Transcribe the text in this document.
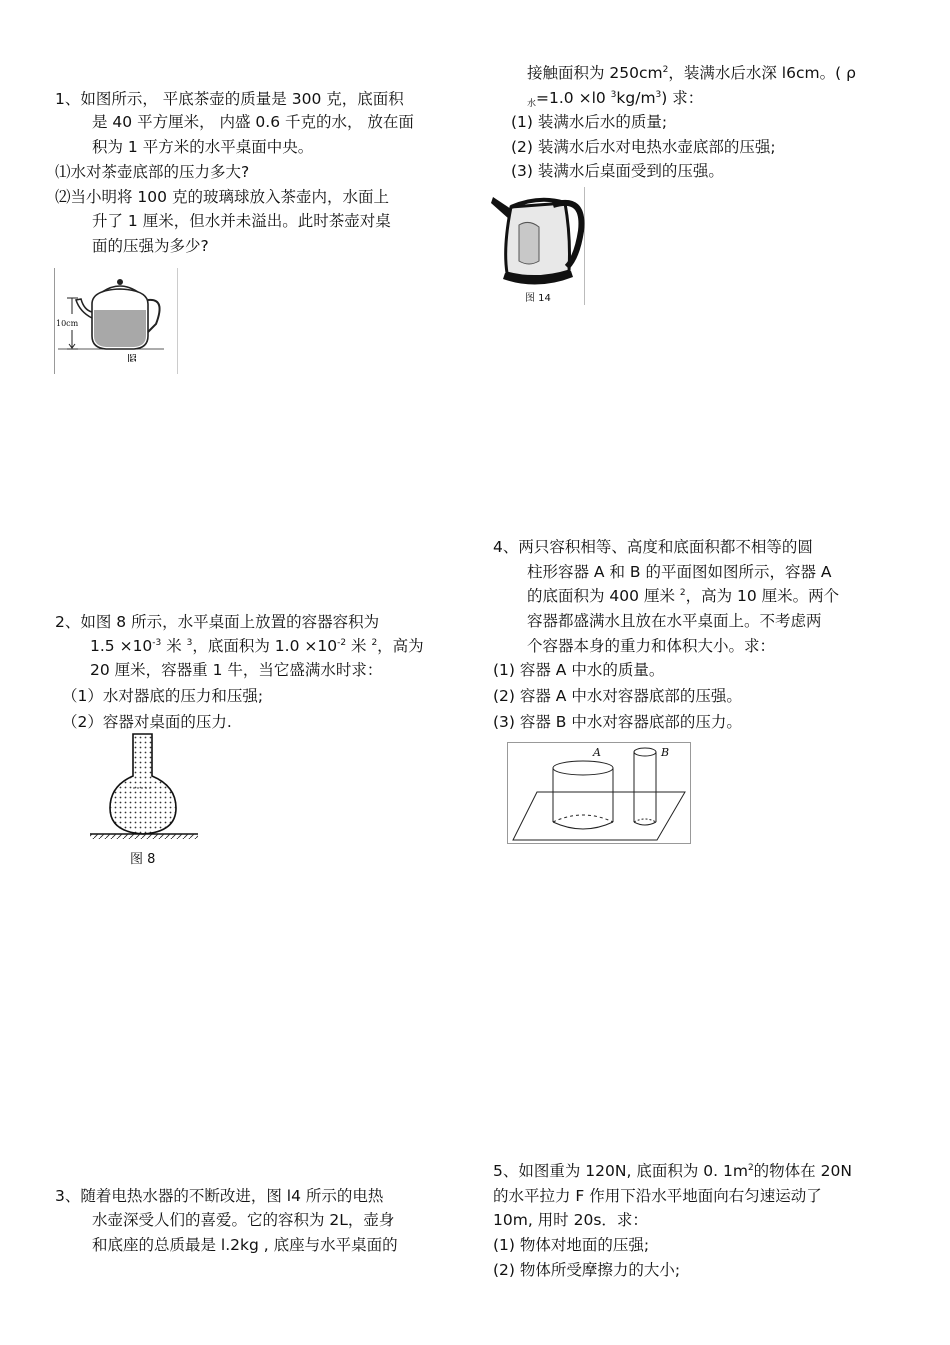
1、如图所示， 平底茶壶的质量是 300 克，底面积
是 40 平方厘米， 内盛 0.6 千克的水， 放在面
积为 1 平方米的水平桌面中央。
⑴水对茶壶底部的压力多大?
⑵当小明将 100 克的玻璃球放入茶壶内，水面上
升了 1 厘米，但水并未溢出。此时茶壶对桌
面的压强为多少?
10cm
图13
2、如图 8 所示，水平桌面上放置的容器容积为
$1.5 \times 10^{-3}$ 米 $^3$，底面积为 $1.0 \times 10^{-2}$ 米 $^2$，高为
20 厘米，容器重 1 牛，当它盛满水时求：
（1）水对器底的压力和压强;
（2）容器对桌面的压力.
图 8
3、随着电热水器的不断改进，图 l4 所示的电热
水壶深受人们的喜爱。它的容积为 2L，壶身
和底座的总质最是 l.2kg , 底座与水平桌面的
接触面积为 $250cm^2$，装满水后水深 l6cm。( ρ
$_水$=1.0 ×l0 $^3kg/m^3$) 求：
(1) 装满水后水的质量;
(2) 装满水后水对电热水壶底部的压强;
(3) 装满水后桌面受到的压强。
图 14
4、两只容积相等、高度和底面积都不相等的圆
柱形容器 A 和 B 的平面图如图所示，容器 A
的底面积为 400 厘米 $^2$，高为 10 厘米。两个
容器都盛满水且放在水平桌面上。不考虑两
个容器本身的重力和体积大小。求：
(1) 容器 A 中水的质量。
(2) 容器 A 中水对容器底部的压强。
(3) 容器 B 中水对容器底部的压力。
A	B
5、如图重为 120N, 底面积为 0. $1m^2$的物体在 20N
的水平拉力 F 作用下沿水平地面向右匀速运动了
10m, 用时 20s．求：
(1) 物体对地面的压强;
(2) 物体所受摩擦力的大小;
